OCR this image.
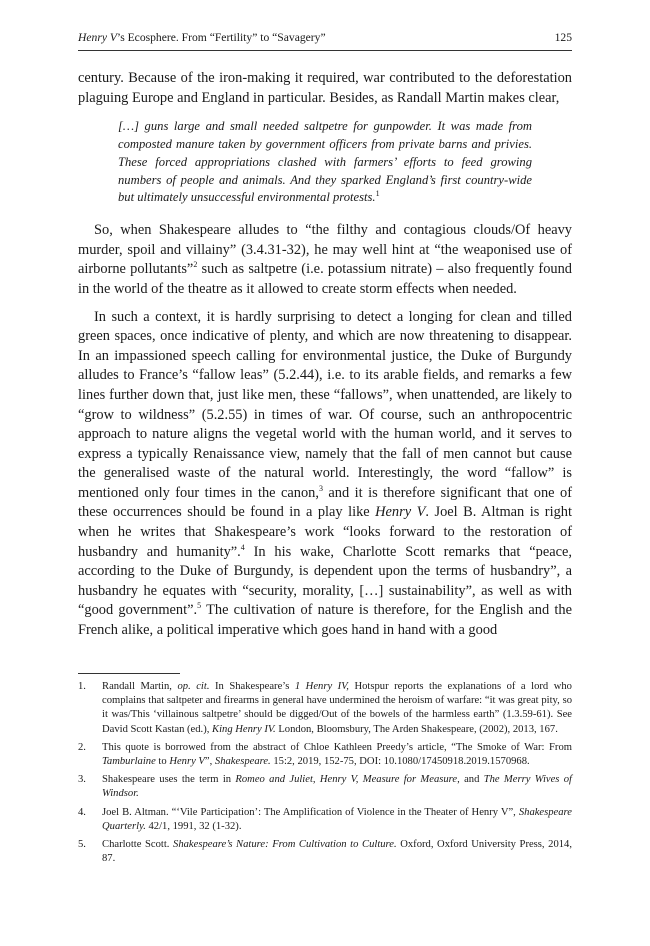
Henry V’s Ecosphere. From “Fertility” to “Savagery”	125

century. Because of the iron-making it required, war contributed to the deforestation plaguing Europe and England in particular. Besides, as Randall Martin makes clear,

[…] guns large and small needed saltpetre for gunpowder. It was made from composted manure taken by government officers from private barns and privies. These forced appropriations clashed with farmers’ efforts to feed growing numbers of people and animals. And they sparked England’s first country-wide but ultimately unsuccessful environmental protests.$^1$

So, when Shakespeare alludes to “the filthy and contagious clouds/Of heavy murder, spoil and villainy” (3.4.31-32), he may well hint at “the weaponised use of airborne pollutants”$^2$ such as saltpetre (i.e. potassium nitrate) – also frequently found in the world of the theatre as it allowed to create storm effects when needed.

In such a context, it is hardly surprising to detect a longing for clean and tilled green spaces, once indicative of plenty, and which are now threatening to disappear. In an impassioned speech calling for environmental justice, the Duke of Burgundy alludes to France’s “fallow leas” (5.2.44), i.e. to its arable fields, and remarks a few lines further down that, just like men, these “fallows”, when unattended, are likely to “grow to wildness” (5.2.55) in times of war. Of course, such an anthropocentric approach to nature aligns the vegetal world with the human world, and it serves to express a typically Renaissance view, namely that the fall of men cannot but cause the generalised waste of the natural world. Interestingly, the word “fallow” is mentioned only four times in the canon,$^3$ and it is therefore significant that one of these occurrences should be found in a play like Henry V. Joel B. Altman is right when he writes that Shakespeare’s work “looks forward to the restoration of husbandry and humanity”.$^4$ In his wake, Charlotte Scott remarks that “peace, according to the Duke of Burgundy, is dependent upon the terms of husbandry”, a husbandry he equates with “security, morality, […] sustainability”, as well as with “good government”.$^5$ The cultivation of nature is therefore, for the English and the French alike, a political imperative which goes hand in hand with a good

1. Randall Martin, op. cit. In Shakespeare’s 1 Henry IV, Hotspur reports the explanations of a lord who complains that saltpeter and firearms in general have undermined the heroism of warfare: “it was great pity, so it was/This ‘villainous saltpetre’ should be digged/Out of the bowels of the harmless earth” (1.3.59-61). See David Scott Kastan (ed.), King Henry IV. London, Bloomsbury, The Arden Shakespeare, (2002), 2013, 167.
2. This quote is borrowed from the abstract of Chloe Kathleen Preedy’s article, “The Smoke of War: From Tamburlaine to Henry V”, Shakespeare. 15:2, 2019, 152-75, DOI: 10.1080/17450918.2019.1570968.
3. Shakespeare uses the term in Romeo and Juliet, Henry V, Measure for Measure, and The Merry Wives of Windsor.
4. Joel B. Altman. “‘Vile Participation’: The Amplification of Violence in the Theater of Henry V”, Shakespeare Quarterly. 42/1, 1991, 32 (1-32).
5. Charlotte Scott. Shakespeare’s Nature: From Cultivation to Culture. Oxford, Oxford University Press, 2014, 87.
